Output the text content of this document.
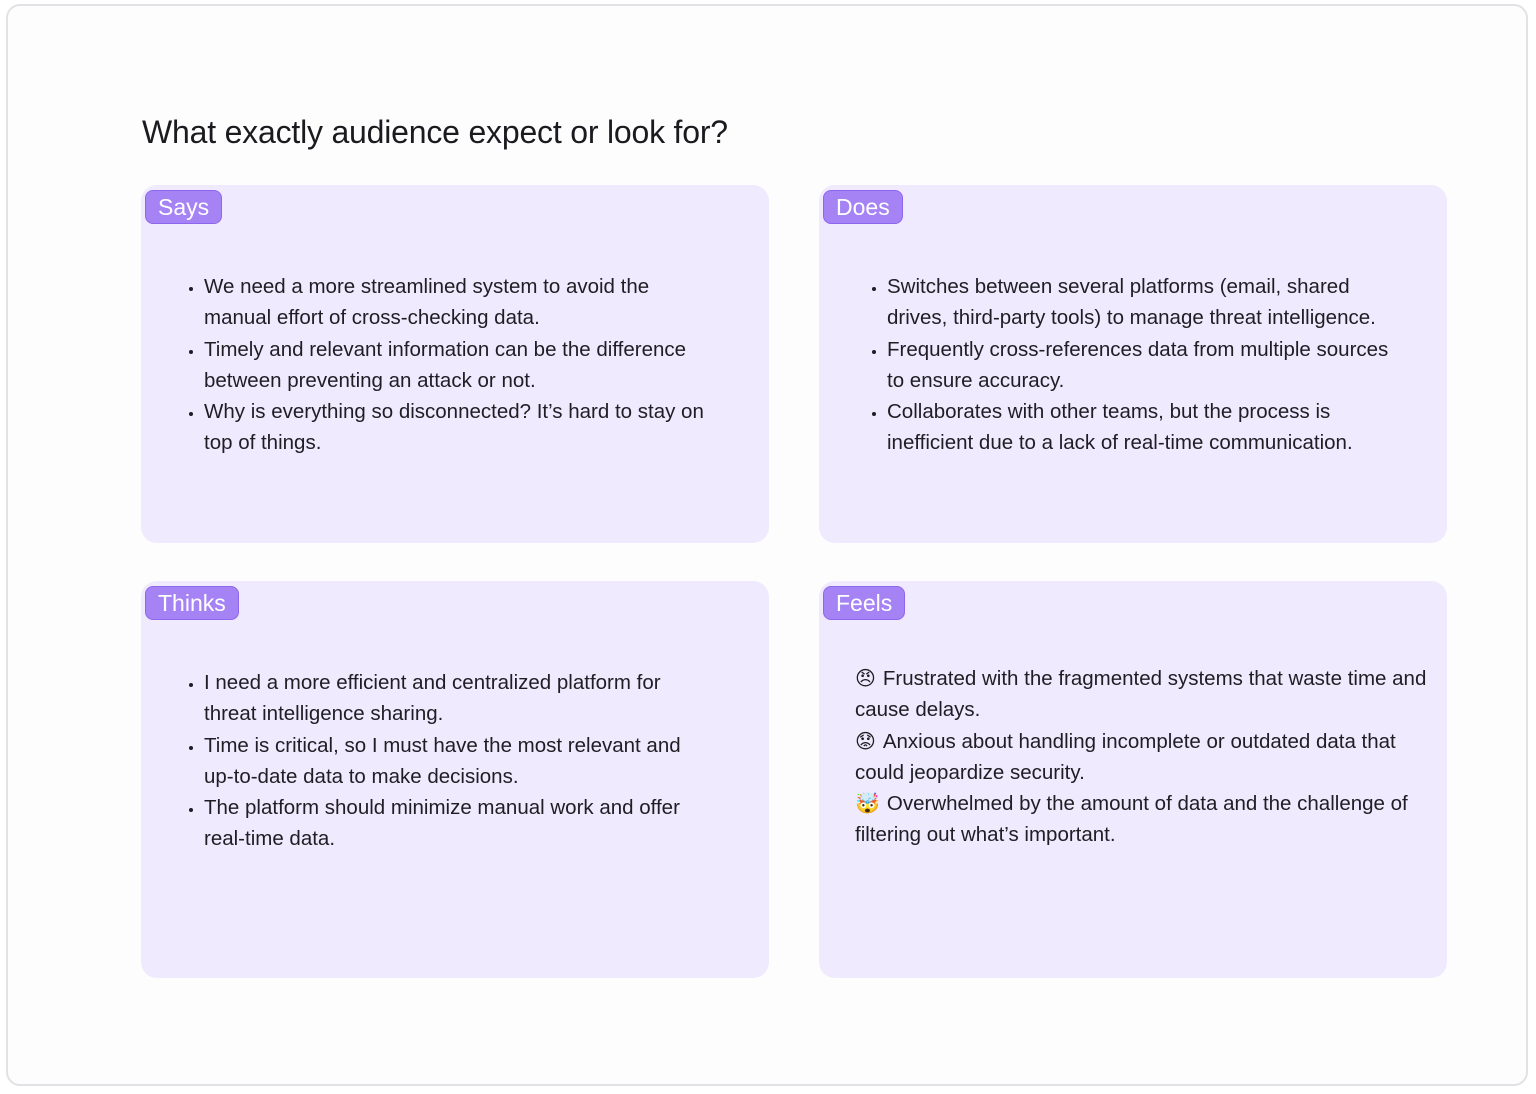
What exactly audience expect or look for?
Says
• We need a more streamlined system to avoid the manual effort of cross-checking data.
• Timely and relevant information can be the difference between preventing an attack or not.
• Why is everything so disconnected? It’s hard to stay on top of things.
Does
• Switches between several platforms (email, shared drives, third-party tools) to manage threat intelligence.
• Frequently cross-references data from multiple sources to ensure accuracy.
• Collaborates with other teams, but the process is inefficient due to a lack of real-time communication.
Thinks
• I need a more efficient and centralized platform for threat intelligence sharing.
• Time is critical, so I must have the most relevant and up-to-date data to make decisions.
• The platform should minimize manual work and offer real-time data.
Feels

😠 Frustrated with the fragmented systems that waste time and cause delays.

😟 Anxious about handling incomplete or outdated data that could jeopardize security.

🤯 Overwhelmed by the amount of data and the challenge of filtering out what’s important.
